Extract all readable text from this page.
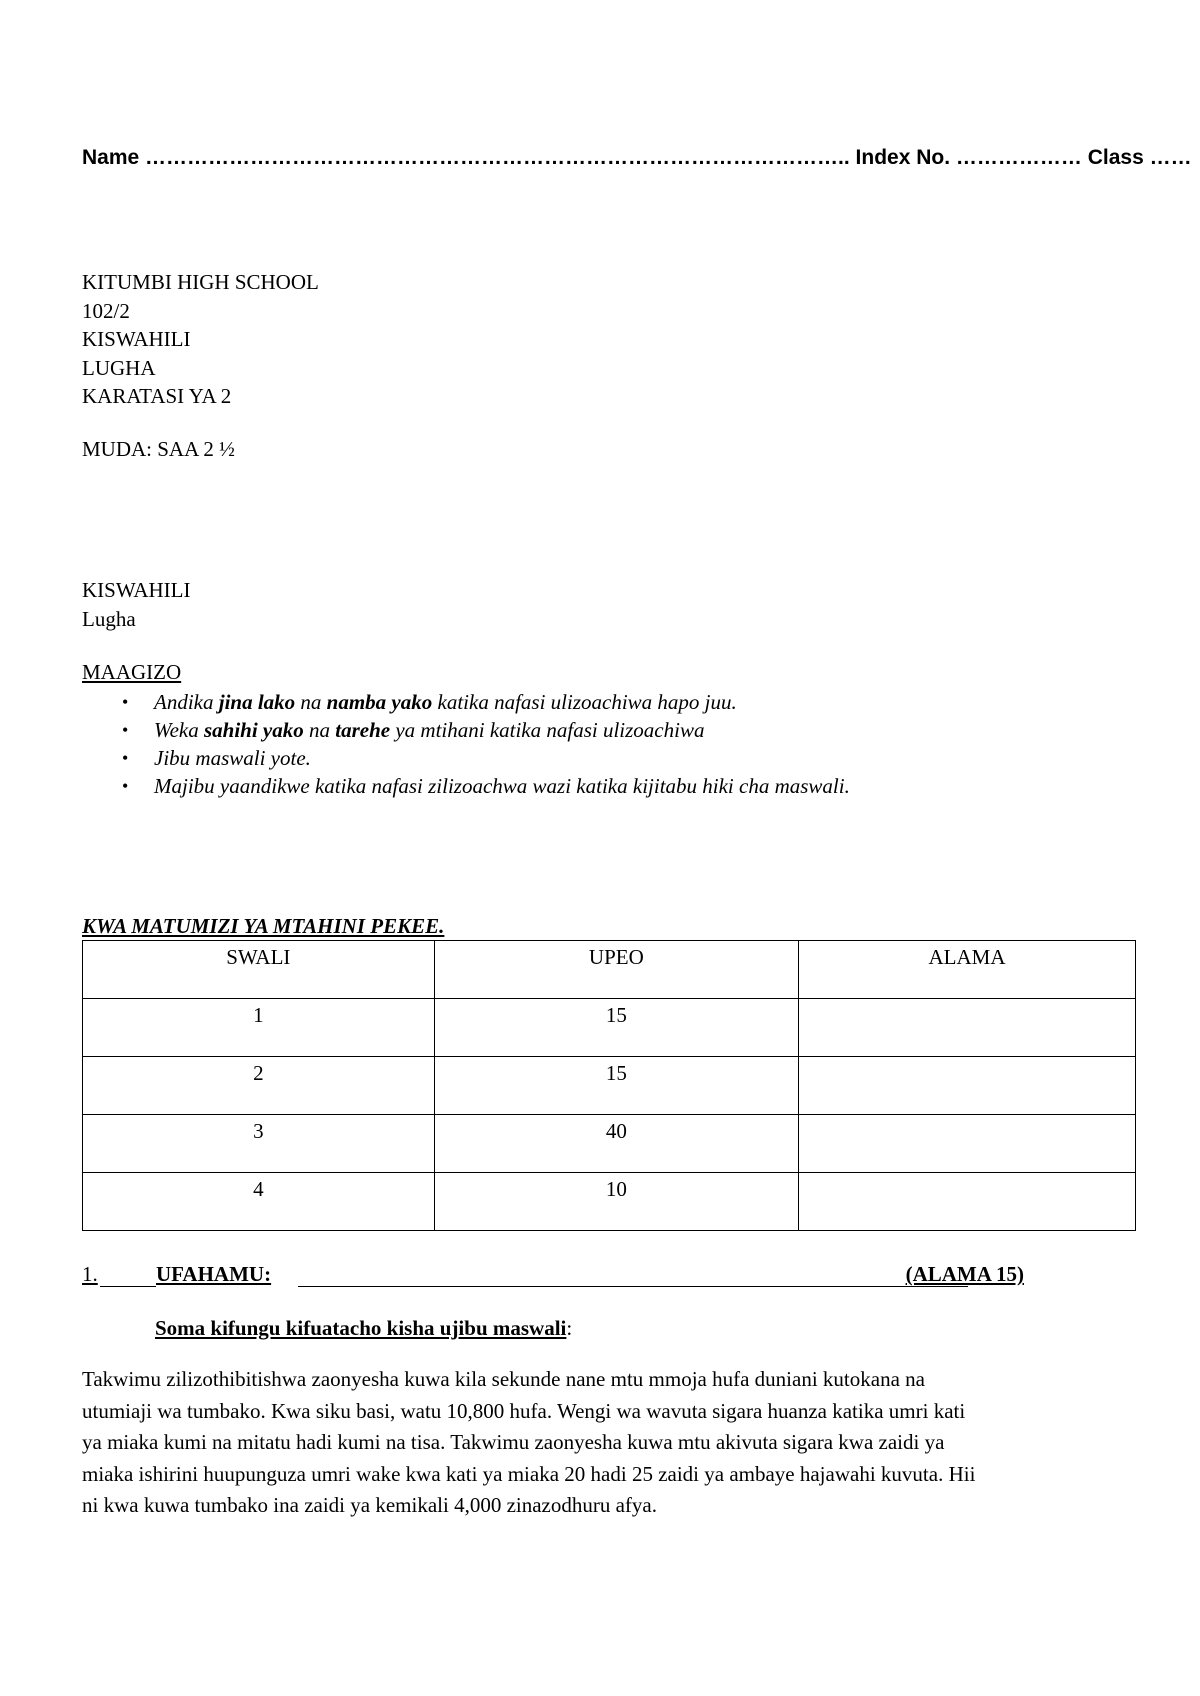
Name ……………………………………………………………………………………….. Index No. ……………… Class ……
KITUMBI HIGH SCHOOL
102/2
KISWAHILI
LUGHA
KARATASI YA 2
MUDA: SAA 2 ½
KISWAHILI
Lugha
MAAGIZO
• Andika jina lako na namba yako katika nafasi ulizoachiwa hapo juu.
• Weka sahihi yako na tarehe ya mtihani katika nafasi ulizoachiwa
• Jibu maswali yote.
• Majibu yaandikwe katika nafasi zilizoachwa wazi katika kijitabu hiki cha maswali.
KWA MATUMIZI YA MTAHINI PEKEE.
SWALI	UPEO	ALAMA
1	15	
2	15	
3	40	
4	10	
1.	UFAHAMU:	(ALAMA 15)
Soma kifungu kifuatacho kisha ujibu maswali:
Takwimu zilizothibitishwa zaonyesha kuwa kila sekunde nane mtu mmoja hufa duniani kutokana na
utumiaji wa tumbako. Kwa siku basi, watu 10,800 hufa. Wengi wa wavuta sigara huanza katika umri kati
ya miaka kumi na mitatu hadi kumi na tisa. Takwimu zaonyesha kuwa mtu akivuta sigara kwa zaidi ya
miaka ishirini huupunguza umri wake kwa kati ya miaka 20 hadi 25 zaidi ya ambaye hajawahi kuvuta. Hii
ni kwa kuwa tumbako ina zaidi ya kemikali 4,000 zinazodhuru afya.
